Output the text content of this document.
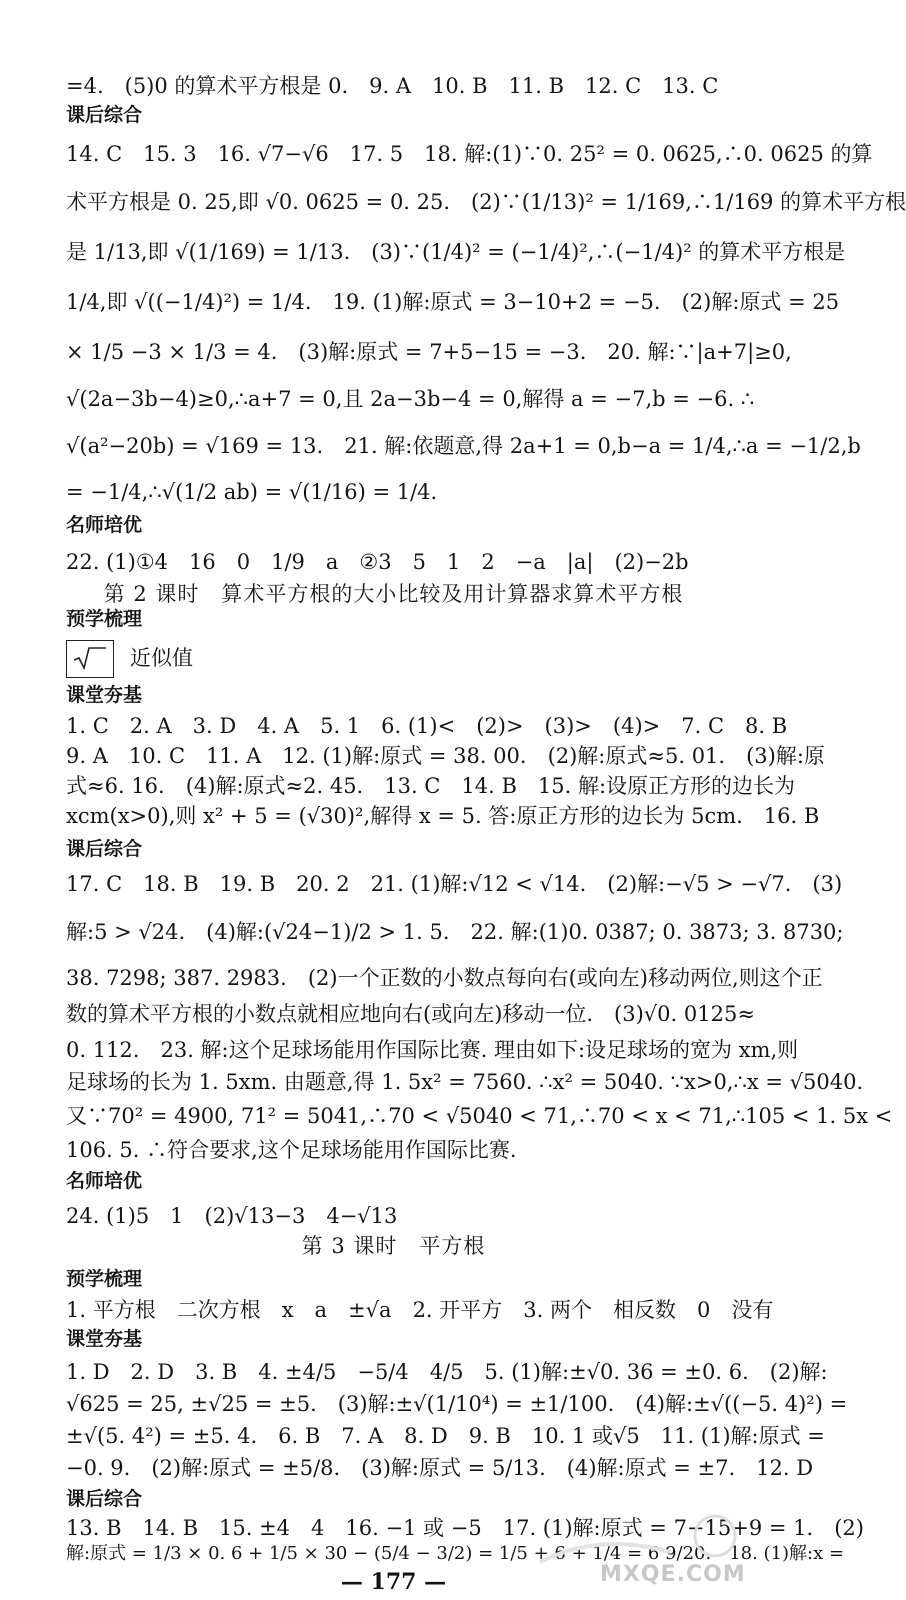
=4.　(5)0 的算术平方根是 0.　9. A　10. B　11. B　12. C　13. C
课后综合
14. C　15. 3　16. √7−√6　17. 5　18. 解:(1)∵0. 25² = 0. 0625,∴0. 0625 的算
术平方根是 0. 25,即 √0. 0625 = 0. 25.　(2)∵(1/13)² = 1/169,∴1/169 的算术平方根
是 1/13,即 √(1/169) = 1/13.　(3)∵(1/4)² = (−1/4)²,∴(−1/4)² 的算术平方根是
1/4,即 √((−1/4)²) = 1/4.　19. (1)解:原式 = 3−10+2 = −5.　(2)解:原式 = 25
× 1/5 −3 × 1/3 = 4.　(3)解:原式 = 7+5−15 = −3.　20. 解:∵|a+7|≥0,
√(2a−3b−4)≥0,∴a+7 = 0,且 2a−3b−4 = 0,解得 a = −7,b = −6. ∴
√(a²−20b) = √169 = 13.　21. 解:依题意,得 2a+1 = 0,b−a = 1/4,∴a = −1/2,b
= −1/4,∴√(1/2 ab) = √(1/16) = 1/4.
名师培优
22. (1)①4　16　0　1/9　a　②3　5　1　2　−a　|a|　(2)−2b
第 2 课时　算术平方根的大小比较及用计算器求算术平方根
预学梳理
近似值
课堂夯基
1. C　2. A　3. D　4. A　5. 1　6. (1)<　(2)>　(3)>　(4)>　7. C　8. B
9. A　10. C　11. A　12. (1)解:原式 = 38. 00.　(2)解:原式≈5. 01.　(3)解:原
式≈6. 16.　(4)解:原式≈2. 45.　13. C　14. B　15. 解:设原正方形的边长为
xcm(x>0),则 x² + 5 = (√30)²,解得 x = 5. 答:原正方形的边长为 5cm.　16. B
课后综合
17. C　18. B　19. B　20. 2　21. (1)解:√12 < √14.　(2)解:−√5 > −√7.　(3)
解:5 > √24.　(4)解:(√24−1)/2 > 1. 5.　22. 解:(1)0. 0387; 0. 3873; 3. 8730;
38. 7298; 387. 2983.　(2)一个正数的小数点每向右(或向左)移动两位,则这个正
数的算术平方根的小数点就相应地向右(或向左)移动一位.　(3)√0. 0125≈
0. 112.　23. 解:这个足球场能用作国际比赛. 理由如下:设足球场的宽为 xm,则
足球场的长为 1. 5xm. 由题意,得 1. 5x² = 7560. ∴x² = 5040. ∵x>0,∴x = √5040.
又∵70² = 4900, 71² = 5041,∴70 < √5040 < 71,∴70 < x < 71,∴105 < 1. 5x <
106. 5. ∴符合要求,这个足球场能用作国际比赛.
名师培优
24. (1)5　1　(2)√13−3　4−√13
第 3 课时　平方根
预学梳理
1. 平方根　二次方根　x　a　±√a　2. 开平方　3. 两个　相反数　0　没有
课堂夯基
1. D　2. D　3. B　4. ±4/5　−5/4　4/5　5. (1)解:±√0. 36 = ±0. 6.　(2)解:
√625 = 25, ±√25 = ±5.　(3)解:±√(1/10⁴) = ±1/100.　(4)解:±√((−5. 4)²) =
±√(5. 4²) = ±5. 4.　6. B　7. A　8. D　9. B　10. 1 或√5　11. (1)解:原式 =
−0. 9.　(2)解:原式 = ±5/8.　(3)解:原式 = 5/13.　(4)解:原式 = ±7.　12. D
课后综合
13. B　14. B　15. ±4　4　16. −1 或 −5　17. (1)解:原式 = 7−15+9 = 1.　(2)
解:原式 = 1/3 × 0. 6 + 1/5 × 30 − (5/4 − 3/2) = 1/5 + 6 + 1/4 = 6 9/20.　18. (1)解:x =
— 177 —	MXQE.COM
